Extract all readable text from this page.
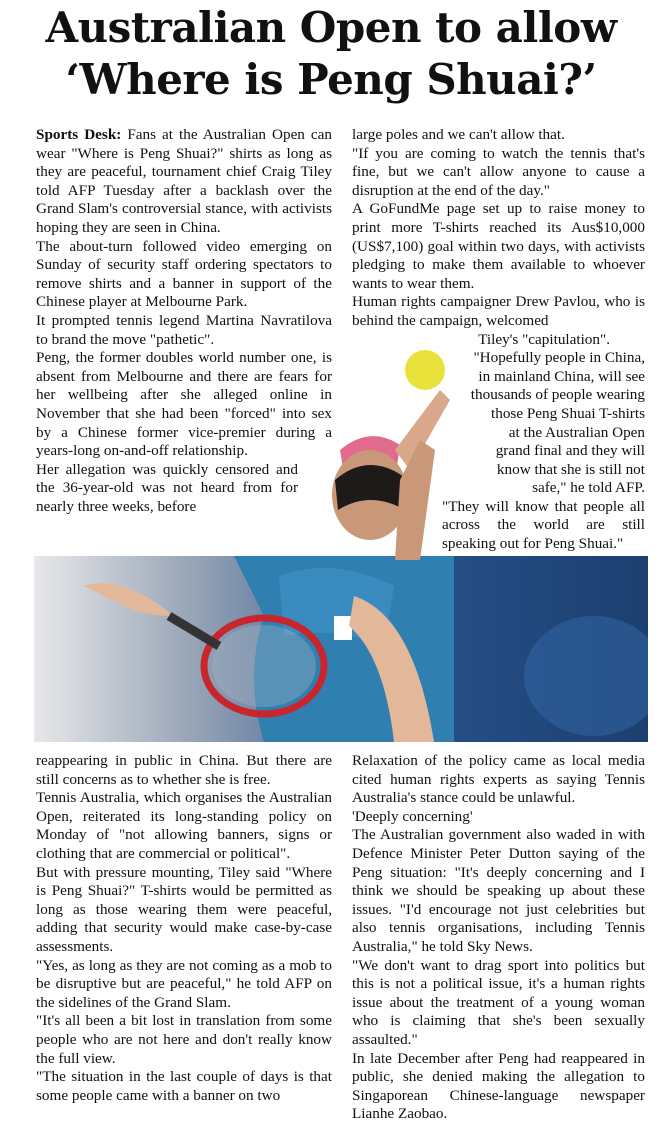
Australian Open to allow
‘Where is Peng Shuai?’

Sports Desk: Fans at the Australian Open can wear "Where is Peng Shuai?" shirts as long as they are peaceful, tournament chief Craig Tiley told AFP Tuesday after a backlash over the Grand Slam's controversial stance, with activists hoping they are seen in China.

The about-turn followed video emerging on Sunday of security staff ordering spectators to remove shirts and a banner in support of the Chinese player at Melbourne Park.

It prompted tennis legend Martina Navratilova to brand the move "pathetic".

Peng, the former doubles world number one, is absent from Melbourne and there are fears for her wellbeing after she alleged online in November that she had been "forced" into sex by a Chinese former vice-premier during a years-long on-and-off relationship.

Her allegation was quickly censored and the 36-year-old was not heard from for nearly three weeks, before

large poles and we can't allow that.

"If you are coming to watch the tennis that's fine, but we can't allow anyone to cause a disruption at the end of the day."

A GoFundMe page set up to raise money to print more T-shirts reached its Aus$10,000 (US$7,100) goal within two days, with activists pledging to make them available to whoever wants to wear them.

Human rights campaigner Drew Pavlou, who is behind the campaign, welcomed

Tiley's "capitulation".

"Hopefully people in China,

in mainland China, will see

thousands of people wearing

those Peng Shuai T-shirts

at the Australian Open

grand final and they will

know that she is still not

safe," he told AFP.

"They will know that people all across the world are still speaking out for Peng Shuai."

reappearing in public in China. But there are still concerns as to whether she is free.

Tennis Australia, which organises the Australian Open, reiterated its long-standing policy on Monday of "not allowing banners, signs or clothing that are commercial or political".

But with pressure mounting, Tiley said "Where is Peng Shuai?" T-shirts would be permitted as long as those wearing them were peaceful, adding that security would make case-by-case assessments.

"Yes, as long as they are not coming as a mob to be disruptive but are peaceful," he told AFP on the sidelines of the Grand Slam.

"It's all been a bit lost in translation from some people who are not here and don't really know the full view.

"The situation in the last couple of days is that some people came with a banner on two

Relaxation of the policy came as local media cited human rights experts as saying Tennis Australia's stance could be unlawful.

'Deeply concerning'

The Australian government also waded in with Defence Minister Peter Dutton saying of the Peng situation: "It's deeply concerning and I think we should be speaking up about these issues. "I'd encourage not just celebrities but also tennis organisations, including Tennis Australia," he told Sky News.

"We don't want to drag sport into politics but this is not a political issue, it's a human rights issue about the treatment of a young woman who is claiming that she's been sexually assaulted."

In late December after Peng had reappeared in public, she denied making the allegation to Singaporean Chinese-language newspaper Lianhe Zaobao.
